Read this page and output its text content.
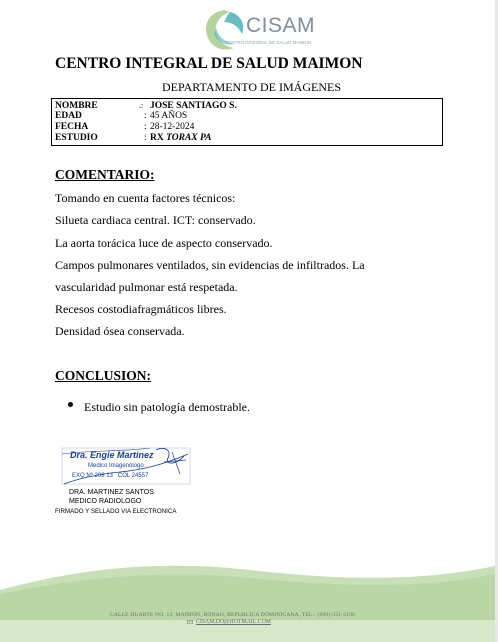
CISAM
CENTRO INTEGRAL DE SALUD MAIMON
CENTRO INTEGRAL DE SALUD MAIMON
DEPARTAMENTO DE IMÁGENES
NOMBRE	.: JOSE SANTIAGO S.
EDAD	: 45 AÑOS
FECHA	: 28-12-2024
ESTUDIO	: RX TORAX PA
COMENTARIO:
Tomando en cuenta factores técnicos:
Silueta cardiaca central. ICT: conservado.
La aorta torácica luce de aspecto conservado.
Campos pulmonares ventilados, sin evidencias de infiltrados. La
vascularidad pulmonar está respetada.
Recesos costodiafragmáticos libres.
Densidad ósea conservada.
CONCLUSION:
Estudio sin patología demostrable.
Dra. Engie Martinez
Medico Imagenólogo
EXQ Nº 208 13   COL 24557
DRA. MARTINEZ SANTOS
MEDICO RADIOLOGO
FIRMADO Y SELLADO VIA ELECTRONICA
CALLE DUARTE NO. 13, MAIMÓN, BONAO, REPUBLICA DOMINICANA, TEL.: (809)-551-2196
CISAM.DO@HOTMAIL.COM
